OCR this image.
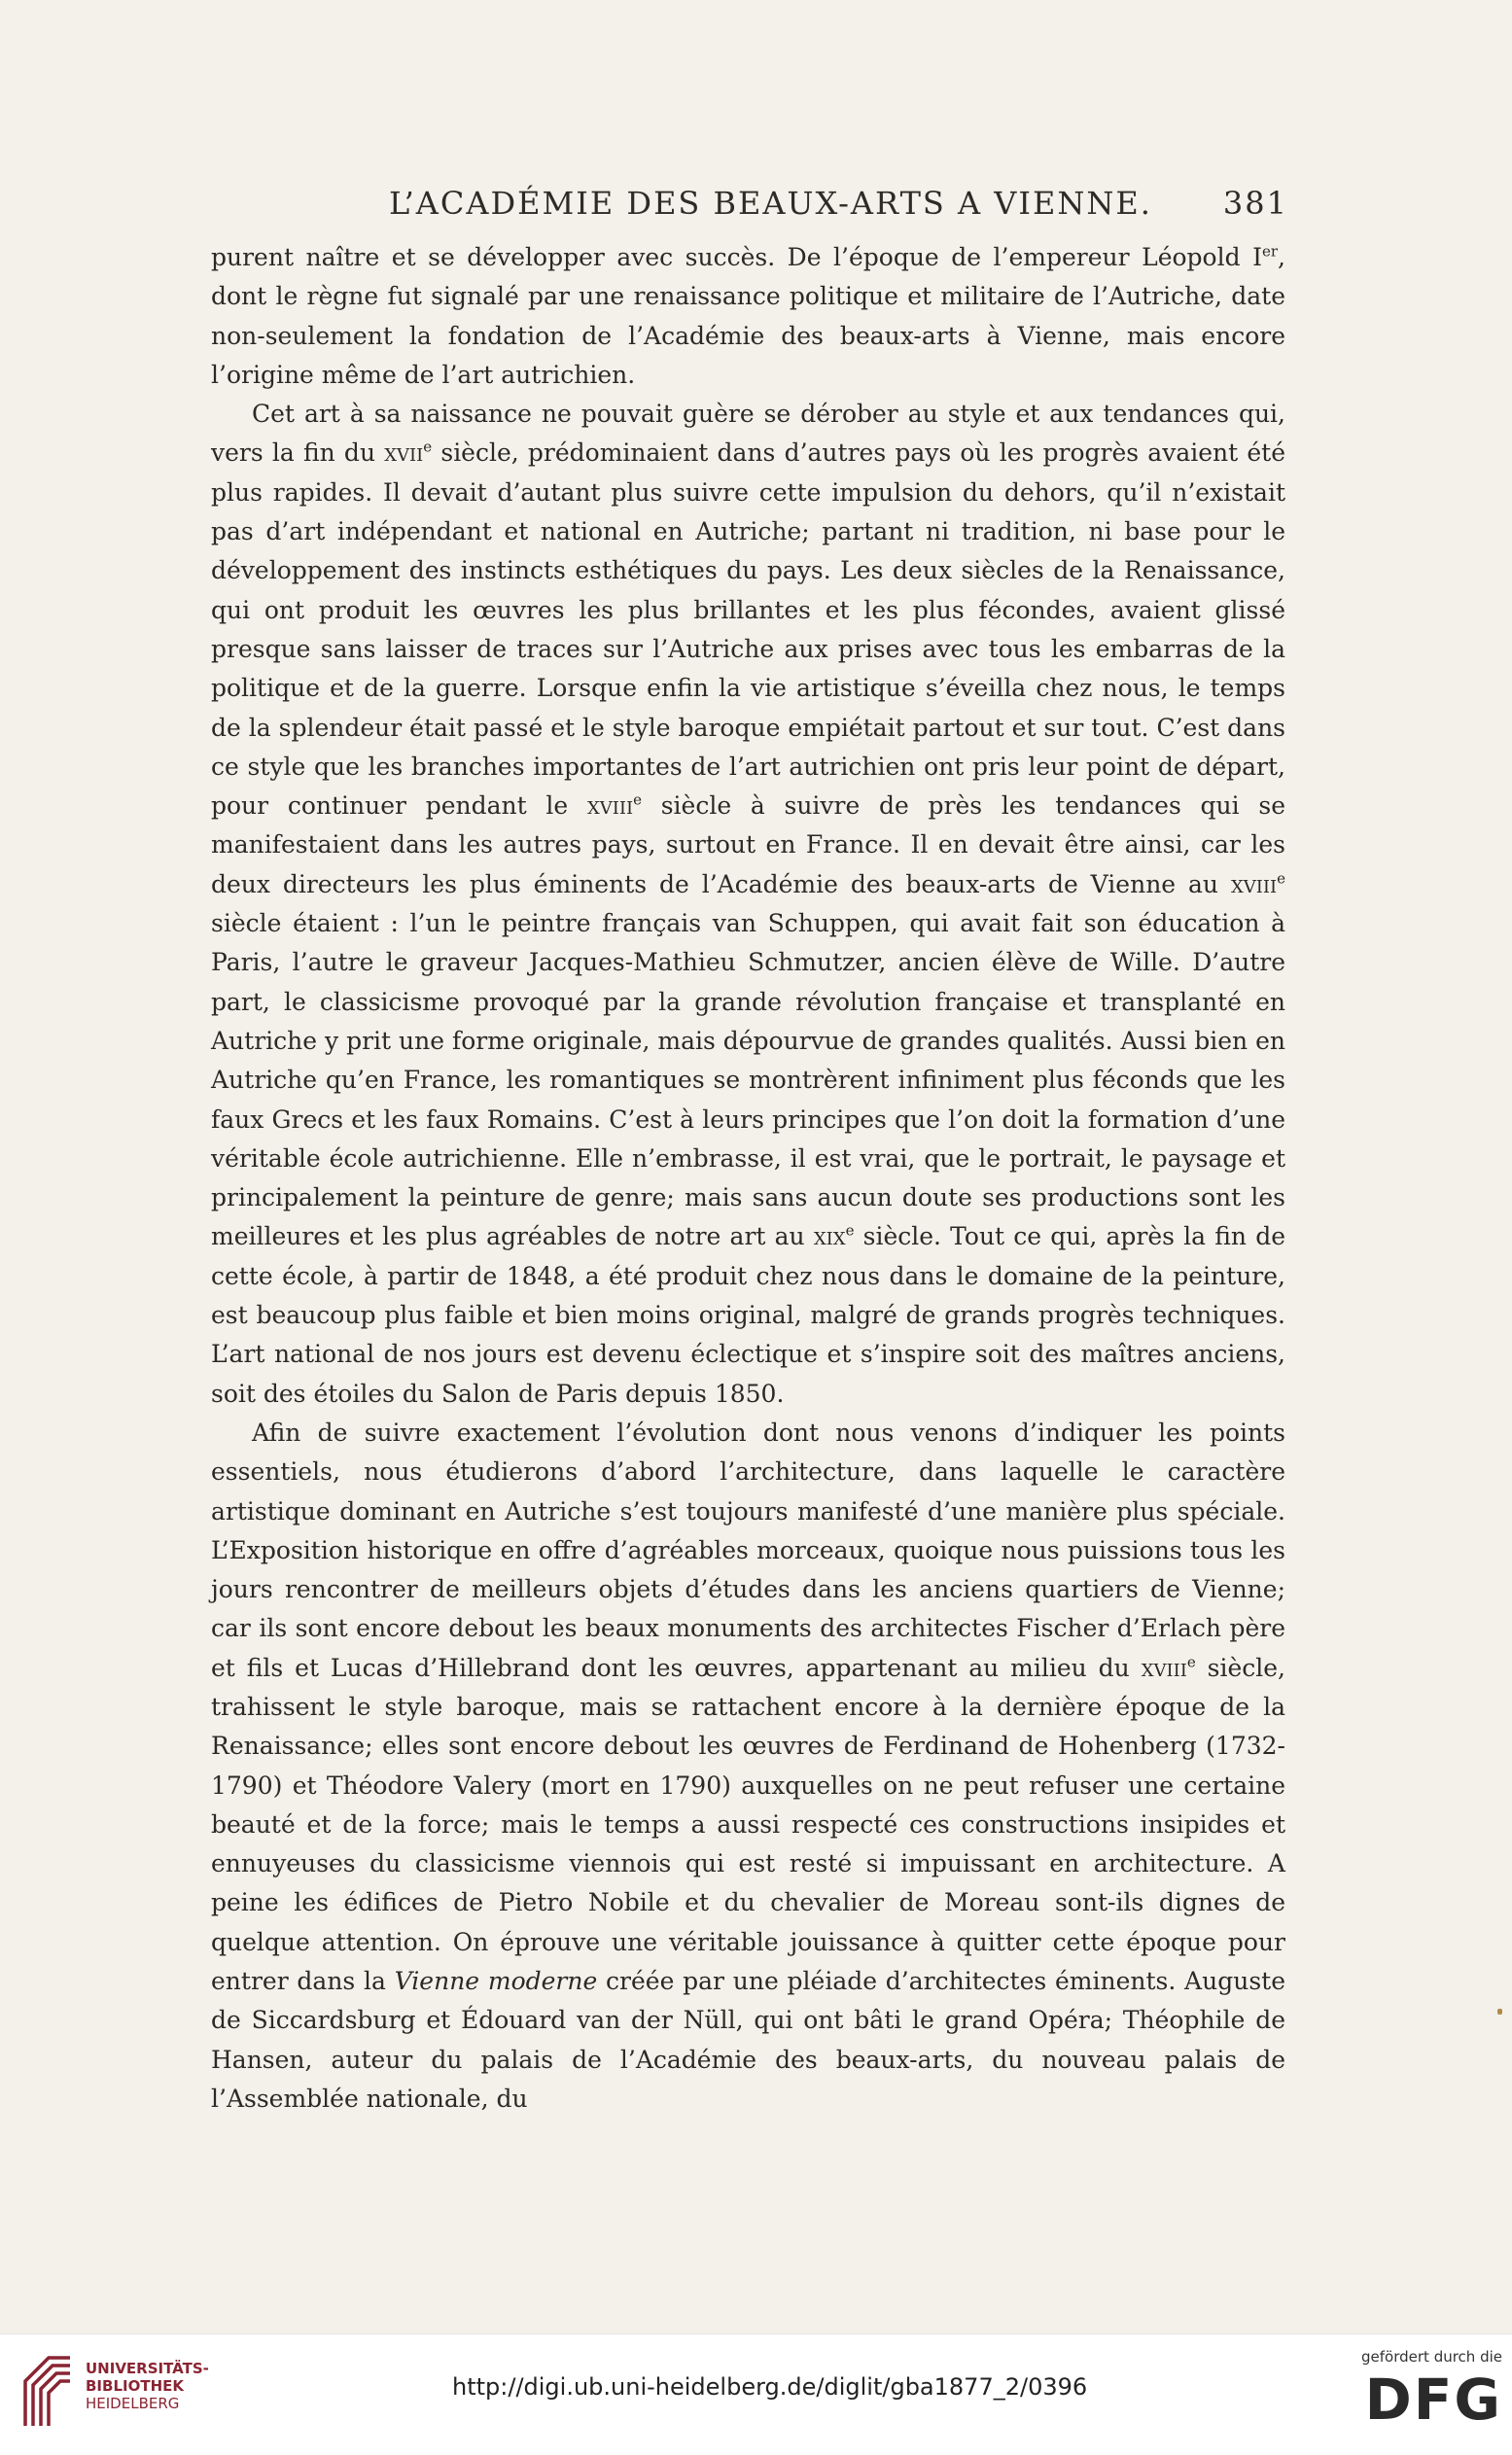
L’ACADÉMIE DES BEAUX-ARTS A VIENNE. 381

purent naître et se développer avec succès. De l’époque de l’empereur Léopold Ier, dont le règne fut signalé par une renaissance politique et militaire de l’Autriche, date non-seulement la fondation de l’Académie des beaux-arts à Vienne, mais encore l’origine même de l’art autrichien.

Cet art à sa naissance ne pouvait guère se dérober au style et aux tendances qui, vers la fin du xvii$^e$ siècle, prédominaient dans d’autres pays où les progrès avaient été plus rapides. Il devait d’autant plus suivre cette impulsion du dehors, qu’il n’existait pas d’art indépendant et national en Autriche; partant ni tradition, ni base pour le développement des instincts esthétiques du pays. Les deux siècles de la Renaissance, qui ont produit les œuvres les plus brillantes et les plus fécondes, avaient glissé presque sans laisser de traces sur l’Autriche aux prises avec tous les embarras de la politique et de la guerre. Lorsque enfin la vie artistique s’éveilla chez nous, le temps de la splendeur était passé et le style baroque empiétait partout et sur tout. C’est dans ce style que les branches importantes de l’art autrichien ont pris leur point de départ, pour continuer pendant le xviii$^e$ siècle à suivre de près les tendances qui se manifestaient dans les autres pays, surtout en France. Il en devait être ainsi, car les deux directeurs les plus éminents de l’Académie des beaux-arts de Vienne au xviii$^e$ siècle étaient : l’un le peintre français van Schuppen, qui avait fait son éducation à Paris, l’autre le graveur Jacques-Mathieu Schmutzer, ancien élève de Wille. D’autre part, le classicisme provoqué par la grande révolution française et transplanté en Autriche y prit une forme originale, mais dépourvue de grandes qualités. Aussi bien en Autriche qu’en France, les romantiques se montrèrent infiniment plus féconds que les faux Grecs et les faux Romains. C’est à leurs principes que l’on doit la formation d’une véritable école autrichienne. Elle n’embrasse, il est vrai, que le portrait, le paysage et principalement la peinture de genre; mais sans aucun doute ses productions sont les meilleures et les plus agréables de notre art au xix$^e$ siècle. Tout ce qui, après la fin de cette école, à partir de 1848, a été produit chez nous dans le domaine de la peinture, est beaucoup plus faible et bien moins original, malgré de grands progrès techniques. L’art national de nos jours est devenu éclectique et s’inspire soit des maîtres anciens, soit des étoiles du Salon de Paris depuis 1850.

Afin de suivre exactement l’évolution dont nous venons d’indiquer les points essentiels, nous étudierons d’abord l’architecture, dans laquelle le caractère artistique dominant en Autriche s’est toujours manifesté d’une manière plus spéciale. L’Exposition historique en offre d’agréables morceaux, quoique nous puissions tous les jours rencontrer de meilleurs objets d’études dans les anciens quartiers de Vienne; car ils sont encore debout les beaux monuments des architectes Fischer d’Erlach père et fils et Lucas d’Hillebrand dont les œuvres, appartenant au milieu du xviii$^e$ siècle, trahissent le style baroque, mais se rattachent encore à la dernière époque de la Renaissance; elles sont encore debout les œuvres de Ferdinand de Hohenberg (1732-1790) et Théodore Valery (mort en 1790) auxquelles on ne peut refuser une certaine beauté et de la force; mais le temps a aussi respecté ces constructions insipides et ennuyeuses du classicisme viennois qui est resté si impuissant en architecture. A peine les édifices de Pietro Nobile et du chevalier de Moreau sont-ils dignes de quelque attention. On éprouve une véritable jouissance à quitter cette époque pour entrer dans la Vienne moderne créée par une pléiade d’architectes éminents. Auguste de Siccardsburg et Édouard van der Nüll, qui ont bâti le grand Opéra; Théophile de Hansen, auteur du palais de l’Académie des beaux-arts, du nouveau palais de l’Assemblée nationale, du

UNIVERSITÄTS-
BIBLIOTHEK
HEIDELBERG
http://digi.ub.uni-heidelberg.de/diglit/gba1877_2/0396
gefördert durch die
DFG
